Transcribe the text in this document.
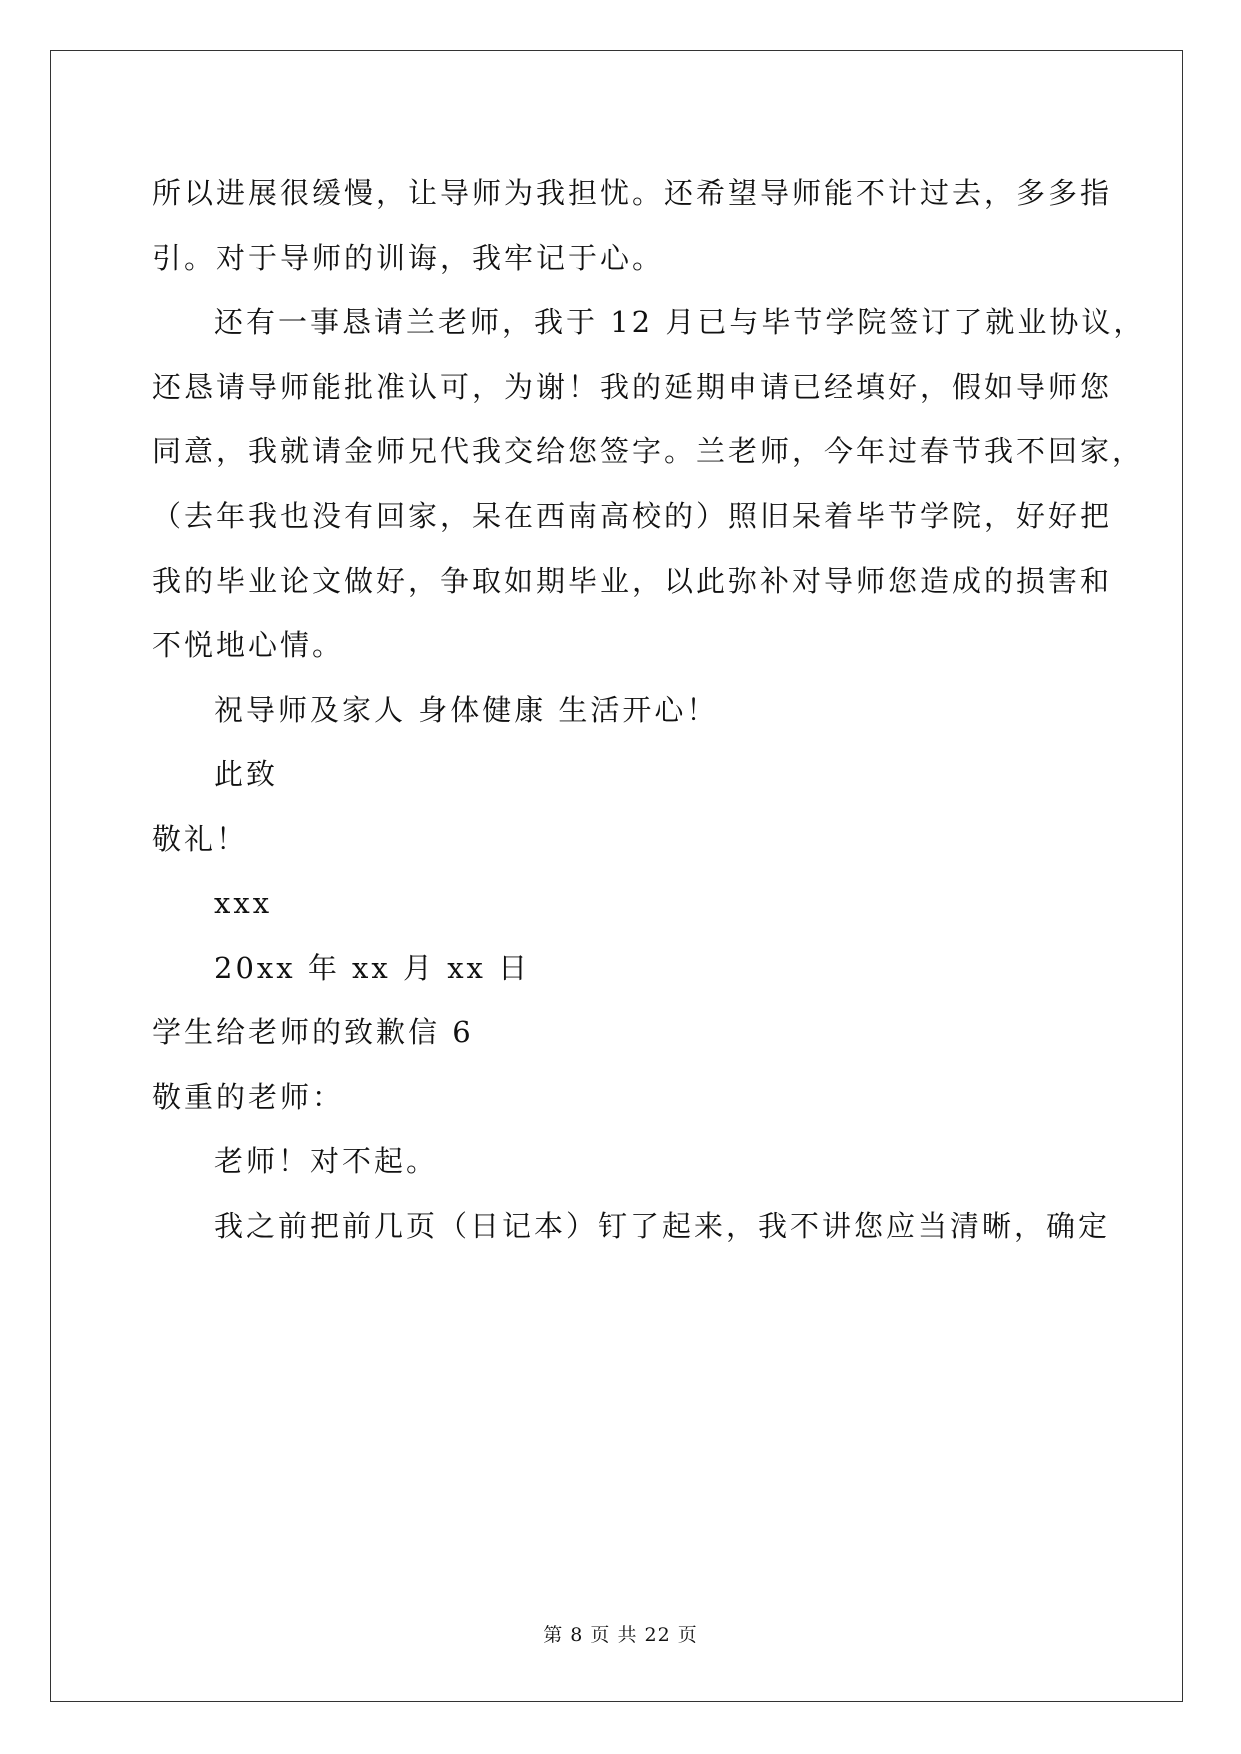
所以进展很缓慢，让导师为我担忧。还希望导师能不计过去，多多指
引。对于导师的训诲，我牢记于心。
还有一事恳请兰老师，我于 12 月已与毕节学院签订了就业协议，
还恳请导师能批准认可，为谢！我的延期申请已经填好，假如导师您
同意，我就请金师兄代我交给您签字。兰老师，今年过春节我不回家，
（去年我也没有回家，呆在西南高校的）照旧呆着毕节学院，好好把
我的毕业论文做好，争取如期毕业，以此弥补对导师您造成的损害和
不悦地心情。
祝导师及家人 身体健康 生活开心！
此致
敬礼！
xxx
20xx 年 xx 月 xx 日
学生给老师的致歉信 6
敬重的老师：
老师！对不起。
我之前把前几页（日记本）钉了起来，我不讲您应当清晰，确定
第 8 页 共 22 页
